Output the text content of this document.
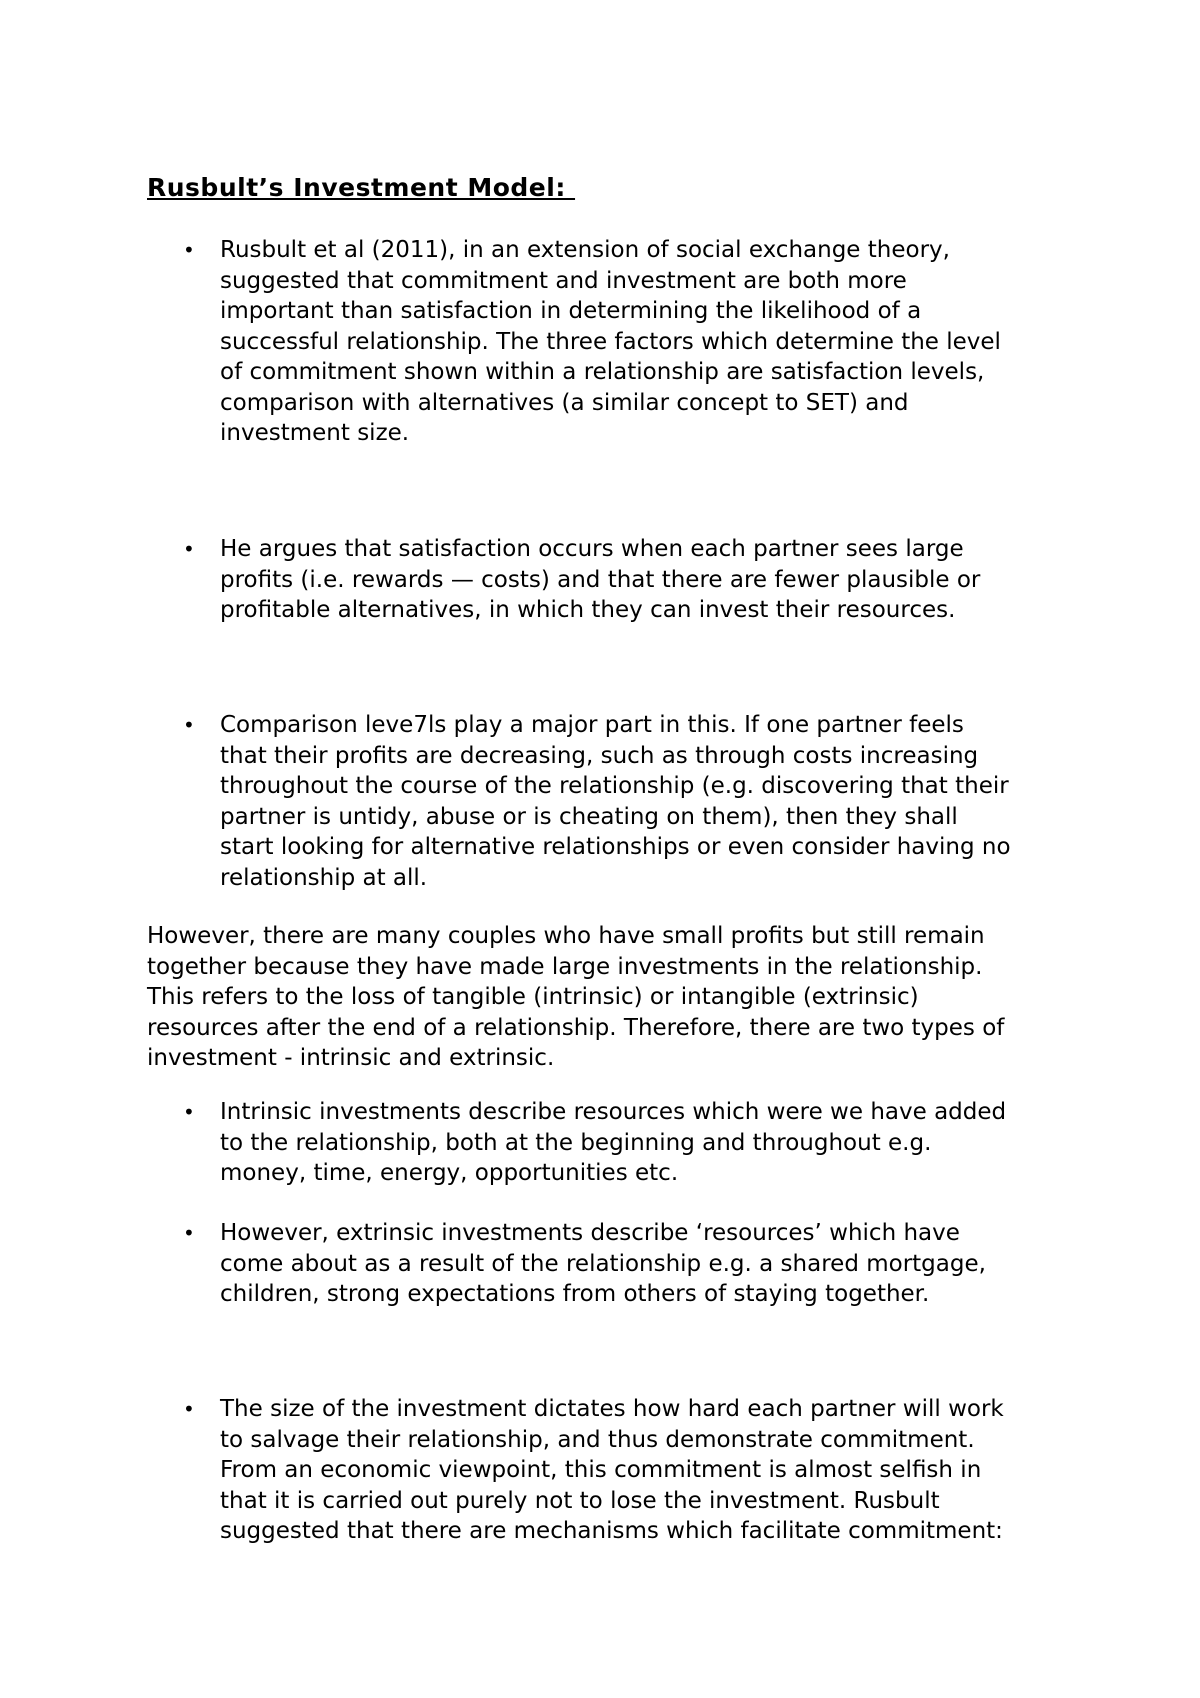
Rusbult’s Investment Model:
•	Rusbult et al (2011), in an extension of social exchange theory,
suggested that commitment and investment are both more
important than satisfaction in determining the likelihood of a
successful relationship. The three factors which determine the level
of commitment shown within a relationship are satisfaction levels,
comparison with alternatives (a similar concept to SET) and
investment size.

•	He argues that satisfaction occurs when each partner sees large
profits (i.e. rewards — costs) and that there are fewer plausible or
profitable alternatives, in which they can invest their resources.

•	Comparison leve7ls play a major part in this. If one partner feels
that their profits are decreasing, such as through costs increasing
throughout the course of the relationship (e.g. discovering that their
partner is untidy, abuse or is cheating on them), then they shall
start looking for alternative relationships or even consider having no
relationship at all.

However, there are many couples who have small profits but still remain
together because they have made large investments in the relationship.
This refers to the loss of tangible (intrinsic) or intangible (extrinsic)
resources after the end of a relationship. Therefore, there are two types of
investment - intrinsic and extrinsic.

•	Intrinsic investments describe resources which were we have added
to the relationship, both at the beginning and throughout e.g.
money, time, energy, opportunities etc.

•	However, extrinsic investments describe ‘resources’ which have
come about as a result of the relationship e.g. a shared mortgage,
children, strong expectations from others of staying together.

•	The size of the investment dictates how hard each partner will work
to salvage their relationship, and thus demonstrate commitment.
From an economic viewpoint, this commitment is almost selfish in
that it is carried out purely not to lose the investment. Rusbult
suggested that there are mechanisms which facilitate commitment:
